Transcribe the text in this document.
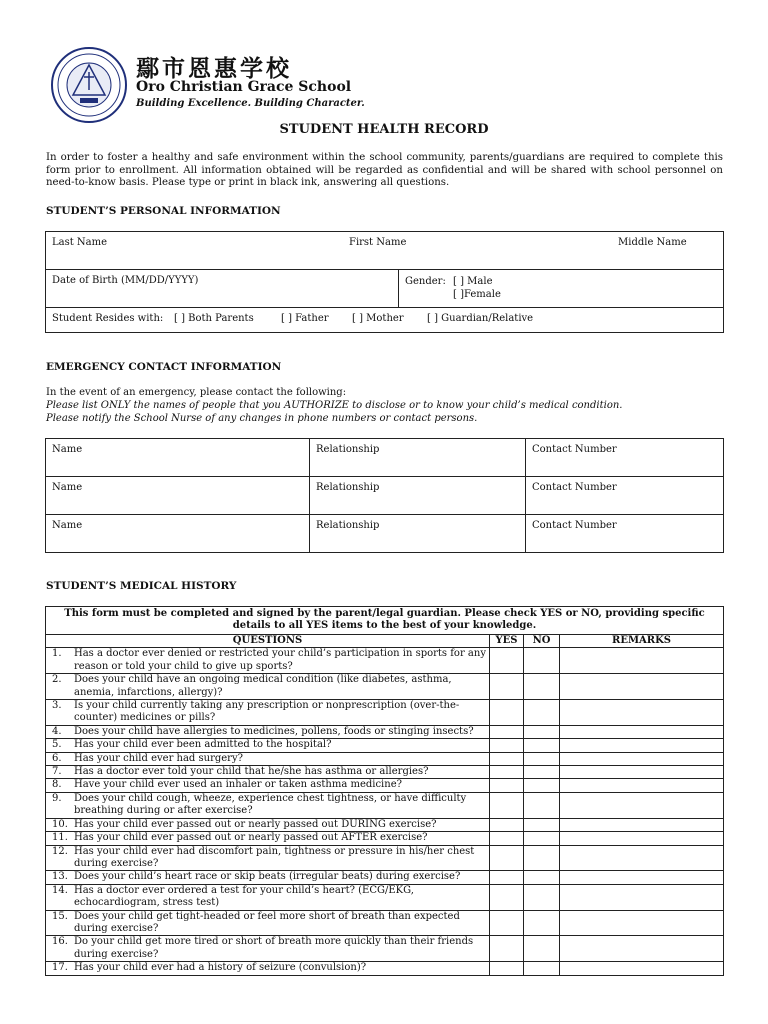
鄢市恩惠学校
Oro Christian Grace School
Building Excellence. Building Character.
STUDENT HEALTH RECORD
In order to foster a healthy and safe environment within the school community, parents/guardians are required to complete this form prior to enrollment. All information obtained will be regarded as confidential and will be shared with school personnel on need-to-know basis. Please type or print in black ink, answering all questions.
STUDENT’S PERSONAL INFORMATION
Last Name	First Name	Middle Name

Date of Birth (MM/DD/YYYY)	Gender: [ ] Male
[ ]Female
Student Resides with: [ ] Both Parents	[ ] Father [ ] Mother [ ] Guardian/Relative
EMERGENCY CONTACT INFORMATION
In the event of an emergency, please contact the following:
Please list ONLY the names of people that you AUTHORIZE to disclose or to know your child’s medical condition.
Please notify the School Nurse of any changes in phone numbers or contact persons.
Name	Relationship	Contact Number
Name	Relationship	Contact Number
Name	Relationship	Contact Number
STUDENT’S MEDICAL HISTORY
This form must be completed and signed by the parent/legal guardian. Please check YES or NO, providing specific details to all YES items to the best of your knowledge.			
QUESTIONS	YES	NO	REMARKS

1. Has a doctor ever denied or restricted your child’s participation in sports for any reason or told your child to give up sports?			

2. Does your child have an ongoing medical condition (like diabetes, asthma, anemia, infarctions, allergy)?			

3. Is your child currently taking any prescription or nonprescription (over-the- counter) medicines or pills?			

4. Does your child have allergies to medicines, pollens, foods or stinging insects?			

5. Has your child ever been admitted to the hospital?			

6. Has your child ever had surgery?			

7. Has a doctor ever told your child that he/she has asthma or allergies?			

8. Have your child ever used an inhaler or taken asthma medicine?			

9. Does your child cough, wheeze, experience chest tightness, or have difficulty breathing during or after exercise?			

10. Has your child ever passed out or nearly passed out DURING exercise?			

11. Has your child ever passed out or nearly passed out AFTER exercise?			

12. Has your child ever had discomfort pain, tightness or pressure in his/her chest during exercise?			

13. Does your child’s heart race or skip beats (irregular beats) during exercise?			

14. Has a doctor ever ordered a test for your child’s heart? (ECG/EKG, echocardiogram, stress test)			

15. Does your child get tight-headed or feel more short of breath than expected during exercise?			

16. Do your child get more tired or short of breath more quickly than their friends during exercise?			

17. Has your child ever had a history of seizure (convulsion)?			
